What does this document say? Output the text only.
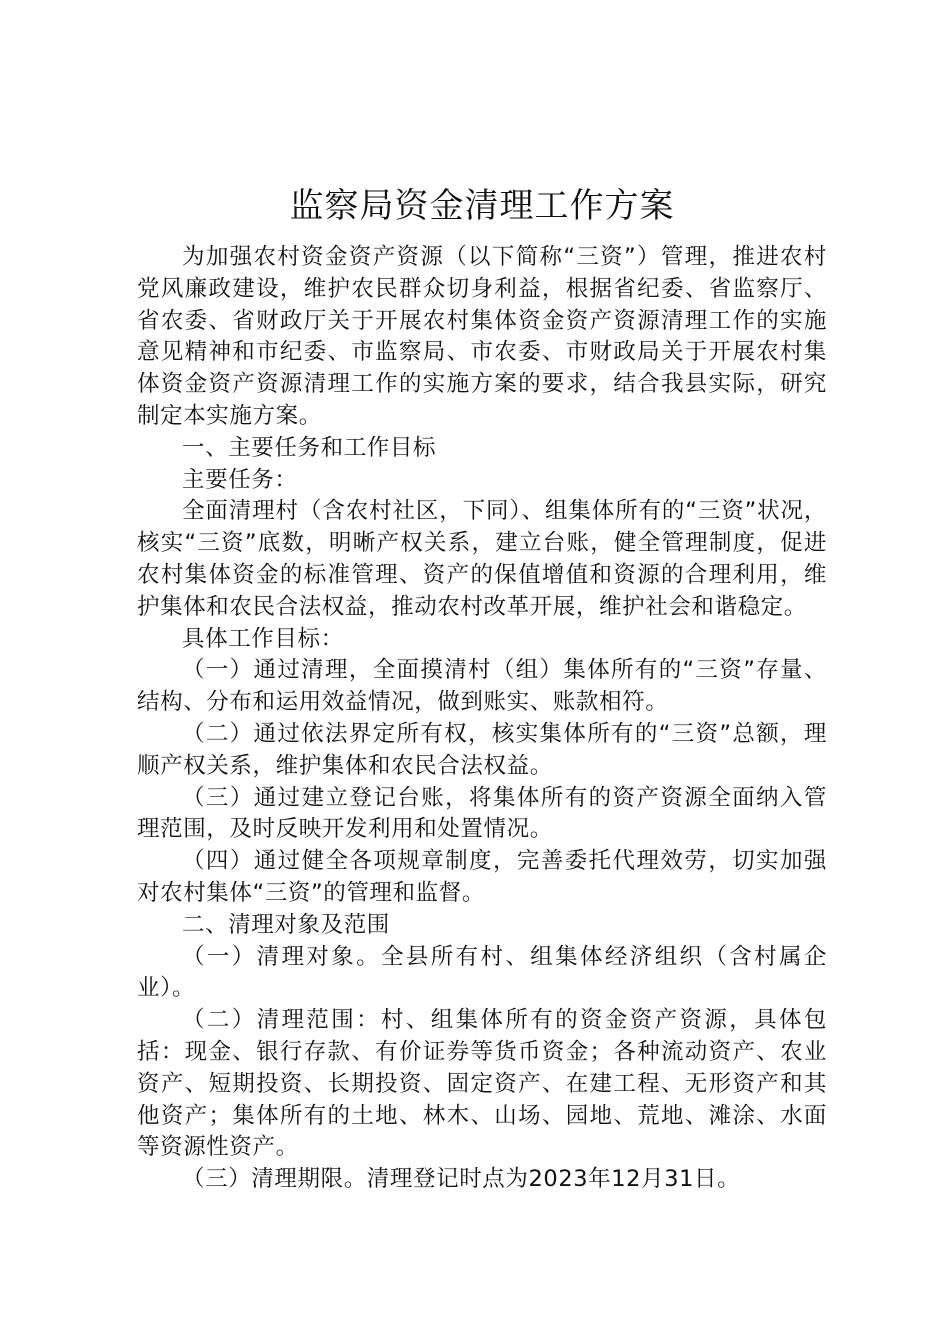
监察局资金清理工作方案

为加强农村资金资产资源（以下简称“三资”）管理，推进农村党风廉政建设，维护农民群众切身利益，根据省纪委、省监察厅、省农委、省财政厅关于开展农村集体资金资产资源清理工作的实施意见精神和市纪委、市监察局、市农委、市财政局关于开展农村集体资金资产资源清理工作的实施方案的要求，结合我县实际，研究制定本实施方案。

一、主要任务和工作目标

主要任务：

全面清理村（含农村社区，下同）、组集体所有的“三资”状况，核实“三资”底数，明晰产权关系，建立台账，健全管理制度，促进农村集体资金的标准管理、资产的保值增值和资源的合理利用，维护集体和农民合法权益，推动农村改革开展，维护社会和谐稳定。

具体工作目标：

（一）通过清理，全面摸清村（组）集体所有的“三资”存量、结构、分布和运用效益情况，做到账实、账款相符。

（二）通过依法界定所有权，核实集体所有的“三资”总额，理顺产权关系，维护集体和农民合法权益。

（三）通过建立登记台账，将集体所有的资产资源全面纳入管理范围，及时反映开发利用和处置情况。

（四）通过健全各项规章制度，完善委托代理效劳，切实加强对农村集体“三资”的管理和监督。

二、清理对象及范围

（一）清理对象。全县所有村、组集体经济组织（含村属企业）。

（二）清理范围：村、组集体所有的资金资产资源，具体包括：现金、银行存款、有价证券等货币资金；各种流动资产、农业资产、短期投资、长期投资、固定资产、在建工程、无形资产和其他资产；集体所有的土地、林木、山场、园地、荒地、滩涂、水面等资源性资产。

（三）清理期限。清理登记时点为2023年12月31日。
